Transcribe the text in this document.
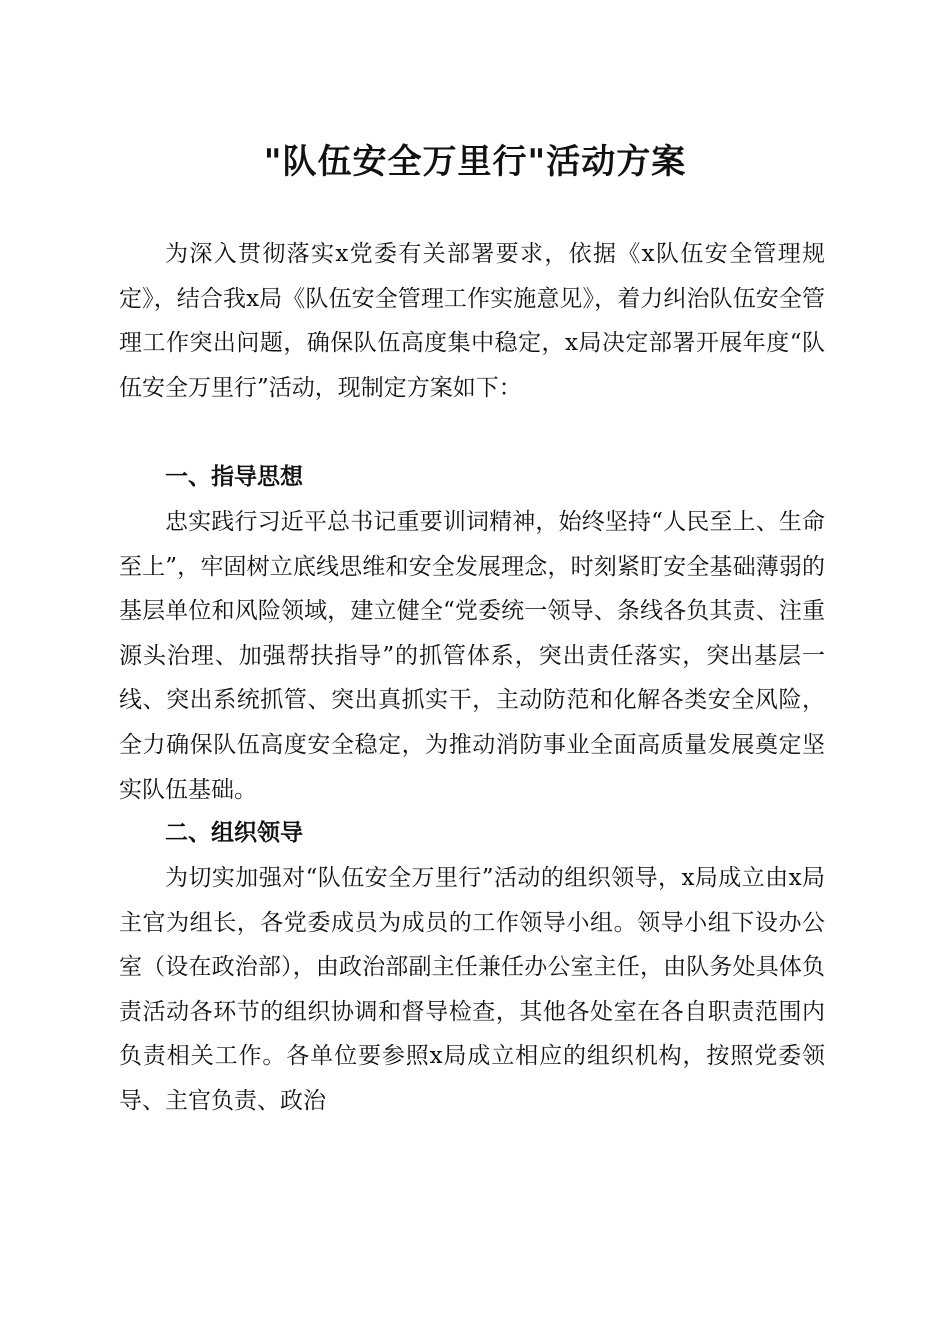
"队伍安全万里行"活动方案

为深入贯彻落实x党委有关部署要求，依据《x队伍安全管理规定》，结合我x局《队伍安全管理工作实施意见》，着力纠治队伍安全管理工作突出问题，确保队伍高度集中稳定，x局决定部署开展年度“队伍安全万里行”活动，现制定方案如下：

一、指导思想

忠实践行习近平总书记重要训词精神，始终坚持“人民至上、生命至上”，牢固树立底线思维和安全发展理念，时刻紧盯安全基础薄弱的基层单位和风险领域，建立健全“党委统一领导、条线各负其责、注重源头治理、加强帮扶指导”的抓管体系，突出责任落实，突出基层一线、突出系统抓管、突出真抓实干，主动防范和化解各类安全风险，全力确保队伍高度安全稳定，为推动消防事业全面高质量发展奠定坚实队伍基础。

二、组织领导

为切实加强对“队伍安全万里行”活动的组织领导，x局成立由x局主官为组长，各党委成员为成员的工作领导小组。领导小组下设办公室（设在政治部），由政治部副主任兼任办公室主任，由队务处具体负责活动各环节的组织协调和督导检查，其他各处室在各自职责范围内负责相关工作。各单位要参照x局成立相应的组织机构，按照党委领导、主官负责、政治
